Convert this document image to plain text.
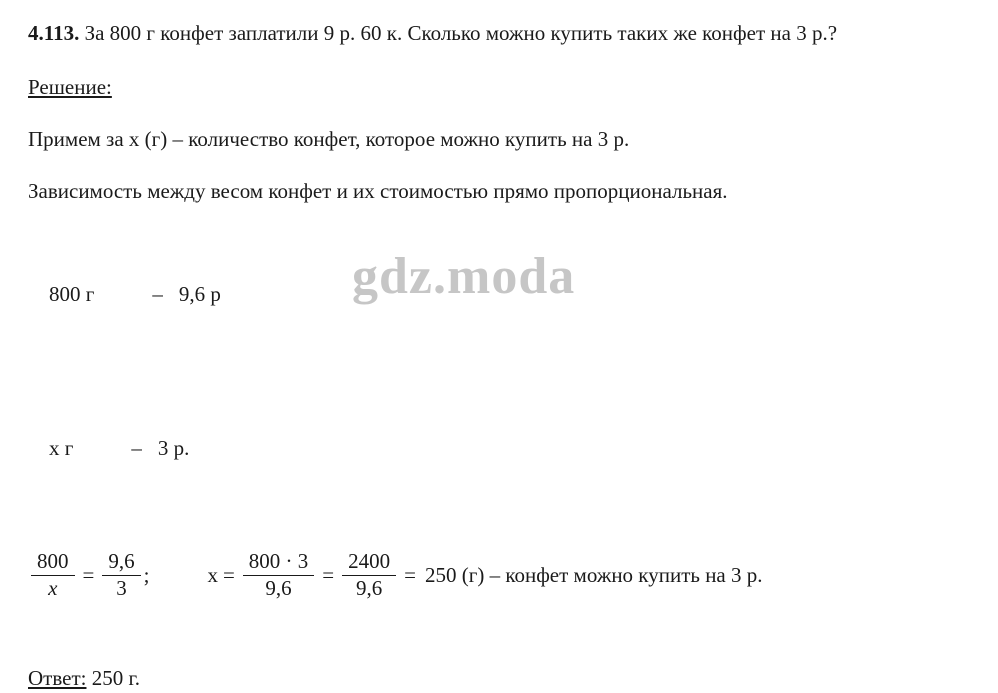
4.113. За 800 г конфет заплатили 9 р. 60 к. Сколько можно купить таких же конфет на 3 р.?

Решение:

Примем за x (г) – количество конфет, которое можно купить на 3 р.

Зависимость между весом конфет и их стоимостью прямо пропорциональная.

800 г	– 9,6 р

x г	– 3 р.

$\frac{800}{x} = \frac{9,6}{3}$ ;	$x = \frac{800 \cdot 3}{9,6} = \frac{2400}{9,6} = 250$ (г) – конфет можно купить на 3 р.

Ответ: 250 г.

gdz.moda
